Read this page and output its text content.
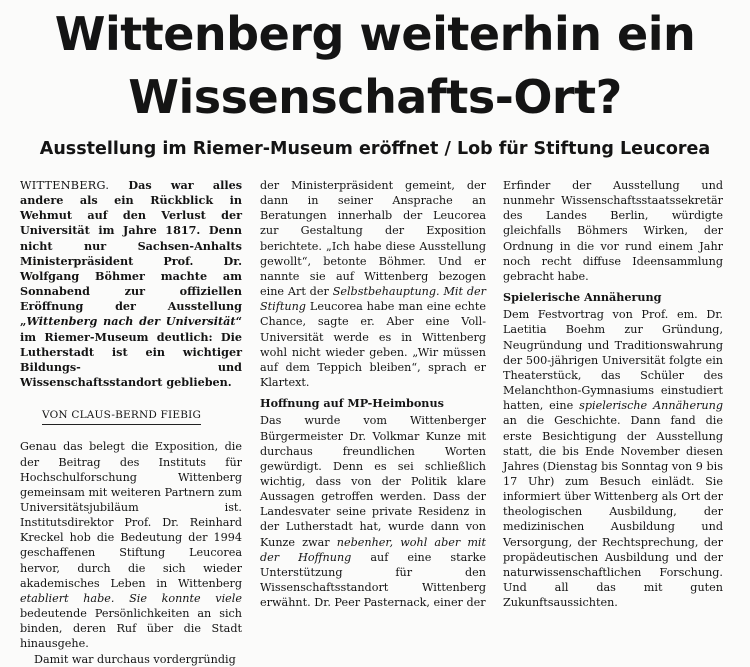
Wittenberg weiterhin ein
Wissenschafts-Ort?
Ausstellung im Riemer-Museum eröffnet / Lob für Stiftung Leucorea

WITTENBERG. Das war alles andere als ein Rückblick in Wehmut auf den Verlust der Universität im Jahre 1817. Denn nicht nur Sachsen-Anhalts Ministerpräsident Prof. Dr. Wolfgang Böhmer machte am Sonnabend zur offiziellen Eröffnung der Ausstellung „Wittenberg nach der Universität“ im Riemer-Museum deutlich: Die Lutherstadt ist ein wichtiger Bildungs- und Wissenschaftsstandort geblieben.

VON CLAUS-BERND FIEBIG

Genau das belegt die Exposition, die der Beitrag des Instituts für Hochschulforschung Wittenberg gemeinsam mit weiteren Partnern zum Universitätsjubiläum ist. Institutsdirektor Prof. Dr. Reinhard Kreckel hob die Bedeutung der 1994 geschaffenen Stiftung Leucorea hervor, durch die sich wieder akademisches Leben in Wittenberg etabliert habe. Sie konnte viele bedeutende Persönlichkeiten an sich binden, deren Ruf über die Stadt hinausgehe.

Damit war durchaus vordergründig

der Ministerpräsident gemeint, der dann in seiner Ansprache an Beratungen innerhalb der Leucorea zur Gestaltung der Exposition berichtete. „Ich habe diese Ausstellung gewollt“, betonte Böhmer. Und er nannte sie auf Wittenberg bezogen eine Art der Selbstbehauptung. Mit der Stiftung Leucorea habe man eine echte Chance, sagte er. Aber eine Voll-Universität werde es in Wittenberg wohl nicht wieder geben. „Wir müssen auf dem Teppich bleiben“, sprach er Klartext.

Hoffnung auf MP-Heimbonus

Das wurde vom Wittenberger Bürgermeister Dr. Volkmar Kunze mit durchaus freundlichen Worten gewürdigt. Denn es sei schließlich wichtig, dass von der Politik klare Aussagen getroffen werden. Dass der Landesvater seine private Residenz in der Lutherstadt hat, wurde dann von Kunze zwar nebenher, wohl aber mit der Hoffnung auf eine starke Unterstützung für den Wissenschaftsstandort Wittenberg erwähnt. Dr. Peer Pasternack, einer der

Erfinder der Ausstellung und nunmehr Wissenschaftsstaatssekretär des Landes Berlin, würdigte gleichfalls Böhmers Wirken, der Ordnung in die vor rund einem Jahr noch recht diffuse Ideensammlung gebracht habe.

Spielerische Annäherung

Dem Festvortrag von Prof. em. Dr. Laetitia Boehm zur Gründung, Neugründung und Traditionswahrung der 500-jährigen Universität folgte ein Theaterstück, das Schüler des Melanchthon-Gymnasiums einstudiert hatten, eine spielerische Annäherung an die Geschichte. Dann fand die erste Besichtigung der Ausstellung statt, die bis Ende November diesen Jahres (Dienstag bis Sonntag von 9 bis 17 Uhr) zum Besuch einlädt. Sie informiert über Wittenberg als Ort der theologischen Ausbildung, der medizinischen Ausbildung und Versorgung, der Rechtsprechung, der propädeutischen Ausbildung und der naturwissenschaftlichen Forschung. Und all das mit guten Zukunftsaussichten.
